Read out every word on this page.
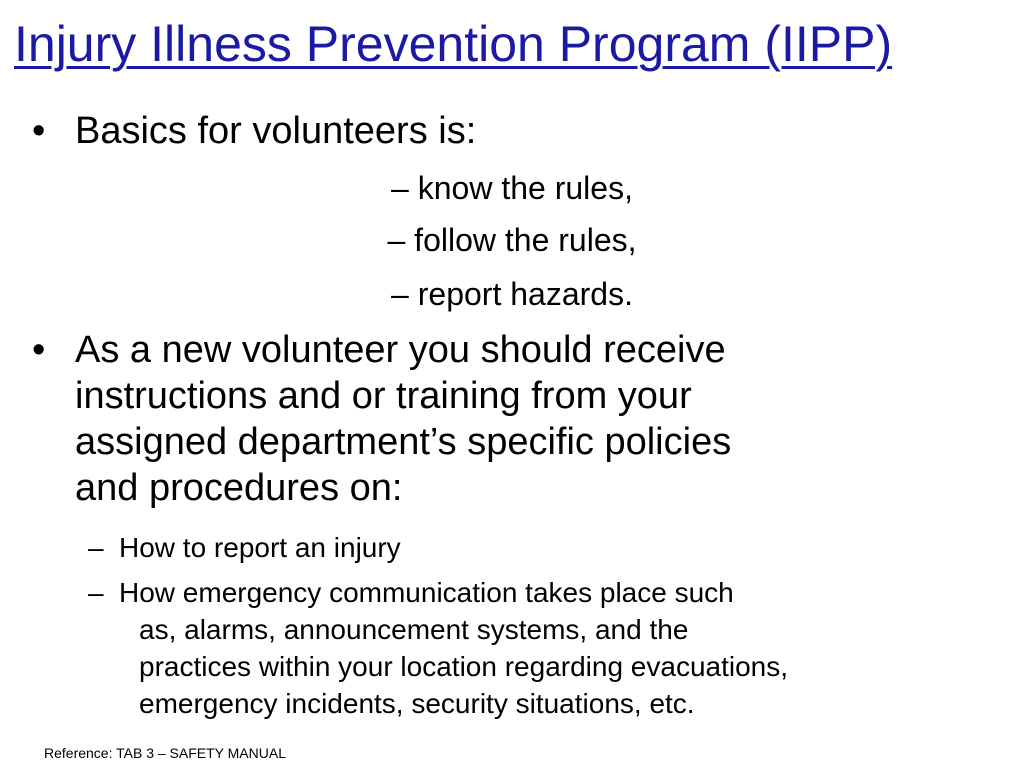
Injury Illness Prevention Program (IIPP)
• Basics for volunteers is:
– know the rules,
– follow the rules,
– report hazards.
• As a new volunteer you should receive
instructions and or training from your
assigned department’s specific policies
and procedures on:
– How to report an injury
– How emergency communication takes place such
as, alarms, announcement systems, and the
practices within your location regarding evacuations,
emergency incidents, security situations, etc.
Reference: TAB 3 – SAFETY MANUAL
